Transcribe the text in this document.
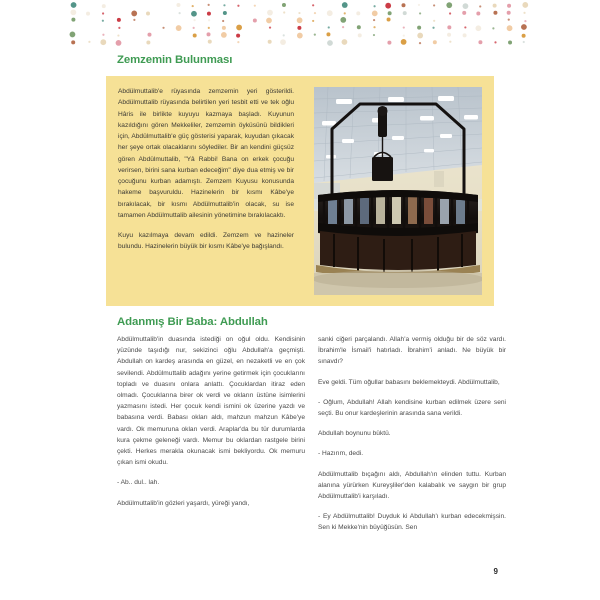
Zemzemin Bulunması

Abdülmuttalib'e rüyasında zemzemin yeri gösterildi. Abdülmuttalib rüyasında belirtilen yeri tesbit etti ve tek oğlu Hâris ile birlikte kuyuyu kazmaya başladı. Kuyunun kazıldığını gören Mekkeliler, zemzemin öyküsünü bildikleri için, Abdülmuttalib'e güç gösterisi yaparak, kuyudan çıkacak her şeye ortak olacaklarını söylediler. Bir an kendini güçsüz gören Abdülmuttalib, "Yâ Rabbi! Bana on erkek çocuğu verirsen, birini sana kurban edeceğim" diye dua etmiş ve bir çocuğunu kurban adamıştı. Zemzem Kuyusu konusunda hakeme başvuruldu. Hazinelerin bir kısmı Kâbe'ye bırakılacak, bir kısmı Abdülmuttalib'in olacak, su ise tamamen Abdülmuttalib ailesinin yönetimine bırakılacaktı.

Kuyu kazılmaya devam edildi. Zemzem ve hazineler bulundu. Hazinelerin büyük bir kısmı Kâbe'ye bağışlandı.

Adanmış Bir Baba: Abdullah

Abdülmuttalib'in duasında istediği on oğul oldu. Kendisinin yüzünde taşıdığı nur, sekizinci oğlu Abdullah'a geçmişti. Abdullah on kardeş arasında en güzel, en nezaketli ve en çok sevilendi. Abdülmuttalib adağını yerine getirmek için çocuklarını topladı ve duasını onlara anlattı. Çocuklardan itiraz eden olmadı. Çocuklarına birer ok verdi ve okların üstüne isimlerini yazmasını istedi. Her çocuk kendi ismini ok üzerine yazdı ve babasına verdi. Babası okları aldı, mahzun mahzun Kâbe'ye vardı. Ok memuruna okları verdi. Araplar'da bu tür durumlarda kura çekme geleneği vardı. Memur bu oklardan rastgele birini çekti. Herkes merakla okunacak ismi bekliyordu. Ok memuru çıkan ismi okudu.

- Ab.. dul.. lah.

Abdülmuttalib'in gözleri yaşardı, yüreği yandı,

sanki ciğeri parçalandı. Allah'a vermiş olduğu bir de söz vardı. İbrahim'le İsmail'i hatırladı. İbrahim'i anladı. Ne büyük bir sınavdı?

Eve geldi. Tüm oğullar babasını beklemekteydi. Abdülmuttalib,

- Oğlum, Abdullah! Allah kendisine kurban edilmek üzere seni seçti. Bu onur kardeşlerinin arasında sana verildi.

Abdullah boynunu büktü.

- Hazırım, dedi.

Abdülmuttalib bıçağını aldı, Abdullah'ın elinden tuttu. Kurban alanına yürürken Kureyşliler'den kalabalık ve saygın bir grup Abdülmuttalib'i karşıladı.

- Ey Abdülmuttalib! Duyduk ki Abdullah'ı kurban edecekmişsin. Sen ki Mekke'nin büyüğüsün. Sen

9
